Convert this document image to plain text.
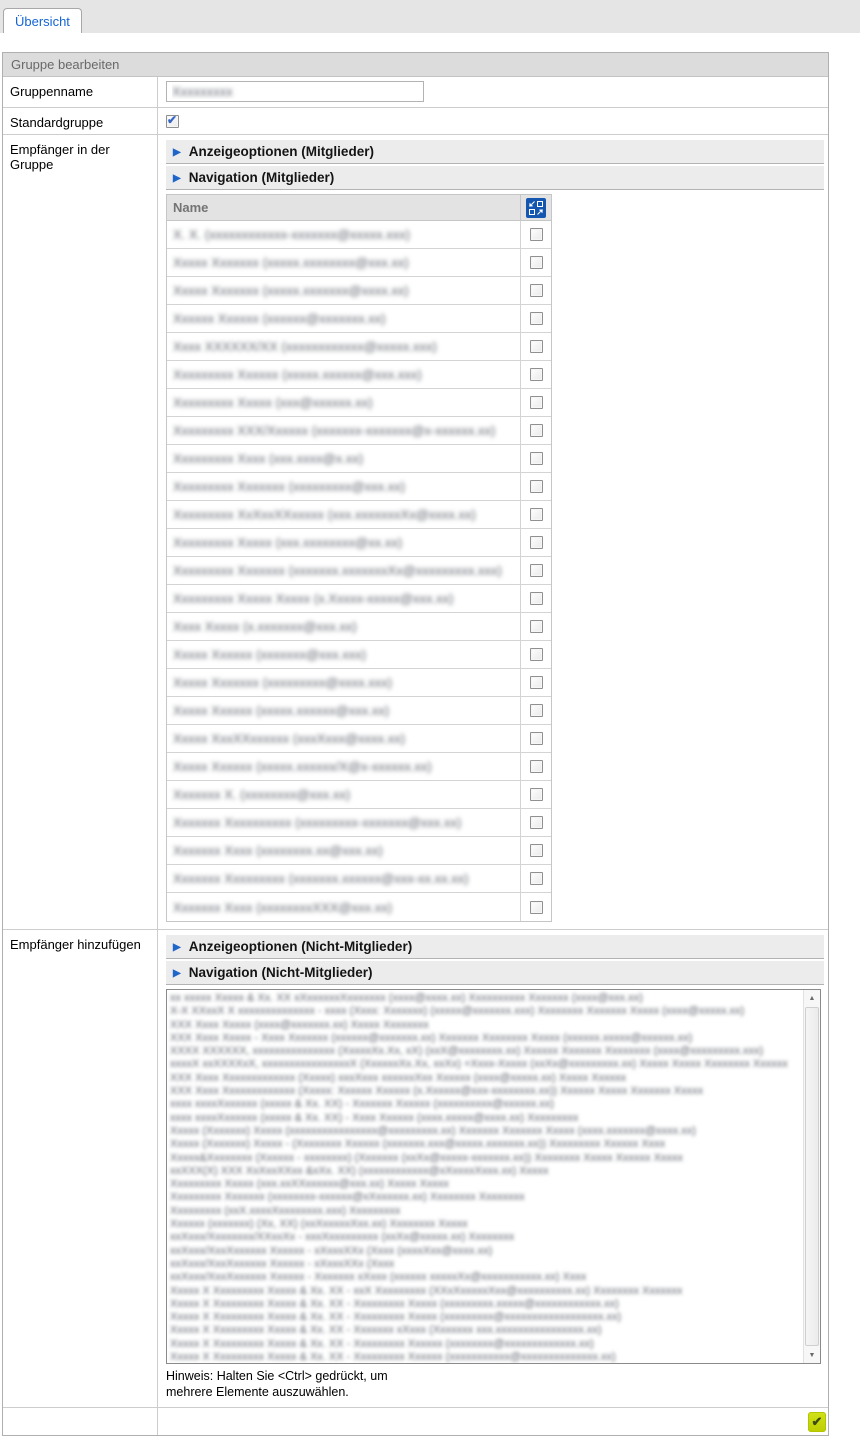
Übersicht
Gruppe bearbeiten
Gruppenname
Xxxxxxxxx
Standardgruppe
✔
Empfänger in der Gruppe
▶ Anzeigeoptionen (Mitglieder)
▶ Navigation (Mitglieder)
Name
X. X. (xxxxxxxxxxxx-xxxxxxx@xxxxx.xxx)
Xxxxx Xxxxxxx (xxxxx.xxxxxxxx@xxx.xx)
Xxxxx Xxxxxxx (xxxxx.xxxxxxx@xxxx.xx)
Xxxxxx Xxxxxx (xxxxxx@xxxxxxx.xx)
Xxxx XXXXXX/XX (xxxxxxxxxxxx@xxxxx.xxx)
Xxxxxxxxx Xxxxxx (xxxxx.xxxxxx@xxx.xxx)
Xxxxxxxxx Xxxxx (xxx@xxxxxx.xx)
Xxxxxxxxx XXX/Xxxxxx (xxxxxxx-xxxxxxx@x-xxxxxx.xx)
Xxxxxxxxx Xxxx (xxx.xxxx@x.xx)
Xxxxxxxxx Xxxxxxx (xxxxxxxxx@xxx.xx)
Xxxxxxxxx XxXxxXXxxxxx (xxx.xxxxxxxXx@xxxx.xx)
Xxxxxxxxx Xxxxx (xxx.xxxxxxxx@xx.xx)
Xxxxxxxxx Xxxxxxx (xxxxxxx.xxxxxxxXx@xxxxxxxxx.xxx)
Xxxxxxxxx Xxxxx Xxxxx (x.Xxxxx-xxxxx@xxx.xx)
Xxxx Xxxxx (x.xxxxxxx@xxx.xx)
Xxxxx Xxxxxx (xxxxxxx@xxx.xxx)
Xxxxx Xxxxxxx (xxxxxxxxx@xxxx.xxx)
Xxxxx Xxxxxx (xxxxx.xxxxxx@xxx.xx)
Xxxxx XxxXXxxxxxx (xxxXxxx@xxxx.xx)
Xxxxx Xxxxxx (xxxxx.xxxxxx/X@x-xxxxxx.xx)
Xxxxxxx X. (xxxxxxxx@xxx.xx)
Xxxxxxx Xxxxxxxxxx (xxxxxxxxx-xxxxxxx@xxx.xx)
Xxxxxxx Xxxx (xxxxxxxx.xx@xxx.xx)
Xxxxxxx Xxxxxxxxx (xxxxxxx.xxxxxx@xxx-xx.xx.xx)
Xxxxxxx Xxxx (xxxxxxxxXXX@xxx.xx)
Empfänger hinzufügen	▶ Anzeigeoptionen (Nicht-Mitglieder)
▶ Navigation (Nicht-Mitglieder)
xx xxxxx Xxxxx & Xx. XX xXxxxxxxXxxxxxxx (xxxx@xxxx.xx) Xxxxxxxxxx Xxxxxxx (xxxx@xxx.xx)
X-X XXxxX X xxxxxxxxxxxxxx - xxxx (Xxxx: Xxxxxxx) (xxxxx@xxxxxxx.xxx) Xxxxxxxx Xxxxxxx Xxxxx (xxxx@xxxxx.xx)
XXX Xxxx Xxxxx (xxxx@xxxxxxx.xx) Xxxxx Xxxxxxxx
XXX Xxxx Xxxxx - Xxxx Xxxxxxx (xxxxxx@xxxxxxx.xx) Xxxxxxx Xxxxxxxx Xxxxx (xxxxxx.xxxxx@xxxxxx.xx)
XXXX XXXXXX, xxxxxxxxxxxxxxx (XxxxxXx.Xx, xX) (xxX@xxxxxxxx.xx) Xxxxxx Xxxxxxx Xxxxxxxx (xxxx@xxxxxxxxx.xxx)
xxxxX xxXXXXxX, xxxxxxxxxxxxxxxxX (XxxxxxXx.Xx, xxXx) +Xxxx-Xxxxx (xxXx@xxxxxxxxx.xx) Xxxxx Xxxxx Xxxxxxxx Xxxxxx
XXX Xxxx Xxxxxxxxxxxxx (Xxxxx) xxxXxxx xxxxxxXxx Xxxxxx (xxxx@xxxxx.xx) Xxxxx Xxxxxx
XXX Xxxx Xxxxxxxxxxxxx (Xxxxx: Xxxxxx Xxxxxx (x.Xxxxxx@xxx-xxxxxxxx.xx)) Xxxxxx Xxxxx Xxxxxxx Xxxxx
xxxx xxxxXxxxxxx (xxxxx & Xx. XX) - Xxxxxxx Xxxxxx (xxxxxxxxxx@xxxxxx.xx)
xxxx xxxxXxxxxxx (xxxxx & Xx. XX) - Xxxx Xxxxxx (xxxx.xxxxx@xxxx.xx) Xxxxxxxxx
Xxxxx (Xxxxxxx) Xxxxx (xxxxxxxxxxxxxxxx@xxxxxxxxx.xx) Xxxxxxx Xxxxxxx Xxxxx (xxxx.xxxxxxx@xxxx.xx)
Xxxxx (Xxxxxxx) Xxxxx - (Xxxxxxxx Xxxxxx (xxxxxxx.xxx@xxxxx.xxxxxxx.xx)) Xxxxxxxxx Xxxxxx Xxxx
Xxxxx&Xxxxxxxx (Xxxxxx - xxxxxxxx) (Xxxxxxx (xxXx@xxxxx-xxxxxxx.xx)) Xxxxxxxx Xxxxx Xxxxxx Xxxxx
xxXXX(X) XXX XxXxxXXxx &xXx. XX) (xxxxxxxxxxxx@xXxxxxXxxx.xx) Xxxxx
Xxxxxxxxx Xxxxx (xxx.xxXXxxxxxx@xxx.xx) Xxxxx Xxxxx
Xxxxxxxxx Xxxxxxx (xxxxxxxx-xxxxxx@xXxxxxxx.xx) Xxxxxxxx Xxxxxxxx
Xxxxxxxxx (xxX.xxxxXxxxxxxxx.xxx) Xxxxxxxxx
Xxxxxx (xxxxxxx) (Xx, XX) (xxXxxxxxXxx.xx) Xxxxxxxx Xxxxx
xxXxxx/Xxxxxxxx/XXxxXx - xxxXxxxxxxxxx (xxXx@xxxxx.xx) Xxxxxxxx
xxXxxx/XxxXxxxxxx Xxxxxx - xXxxxXXx (Xxxx (xxxxXxx@xxxx.xx)
xxXxxx/XxxXxxxxxx Xxxxxx - xXxxxXXx (Xxxx
xxXxxx/XxxXxxxxxx Xxxxxx - Xxxxxxx xXxxx (xxxxxx xxxxxXx@xxxxxxxxxxx.xx) Xxxx
Xxxxx X Xxxxxxxxx Xxxxx & Xx. XX - xxX Xxxxxxxxx (XXxXxxxxxXxx@xxxxxxxxxx.xx) Xxxxxxxx Xxxxxxx
Xxxxx X Xxxxxxxxx Xxxxx & Xx. XX - Xxxxxxxxx Xxxxx (xxxxxxxxx.xxxxx@xxxxxxxxxxxx.xx)
Xxxxx X Xxxxxxxxx Xxxxx & Xx. XX - Xxxxxxxxx Xxxxx (xxxxxxxxx@xxxxxxxxxxxxxxxxxx.xx)
Xxxxx X Xxxxxxxxx Xxxxx & Xx. XX - Xxxxxxx xXxxx (Xxxxxxx xxx.xxxxxxxxxxxxxxxx.xx)
Xxxxx X Xxxxxxxxx Xxxxx & Xx. XX - Xxxxxxxxx Xxxxxx (xxxxxxxx@xxxxxxxxxxxxx.xx)
Xxxxx X Xxxxxxxxx Xxxxx & Xx. XX - Xxxxxxxxx Xxxxxx (xxxxxxxxxxx@xxxxxxxxxxxxxx.xx)
▲
▼
Hinweis: Halten Sie <Ctrl> gedrückt, um
mehrere Elemente auszuwählen.
✔
